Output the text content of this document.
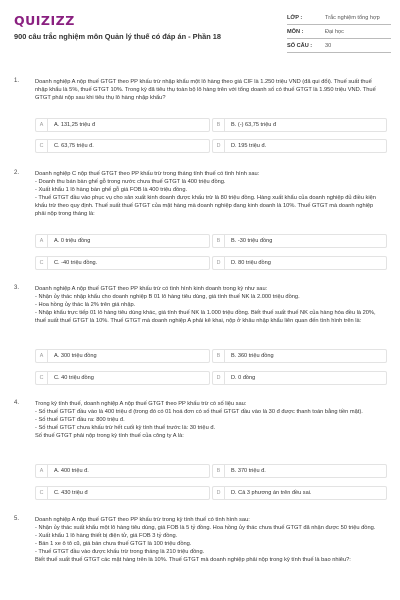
QUIZIZZ
900 câu trắc nghiệm môn Quản lý thuế có đáp án - Phần 18
LỚP :	Trắc nghiệm tổng hợp
MÔN :	Đại học
SỐ CÂU :	30
1.	Doanh nghiệp A nộp thuế GTGT theo PP khấu trừ nhập khẩu một lô hàng theo giá CIF là 1.250 triệu VND (đã qui đổi). Thuế suất thuế nhập khẩu là 5%, thuế GTGT 10%. Trong kỳ đã tiêu thụ toàn bộ lô hàng trên với tổng doanh số có thuế GTGT là 1.950 triệu VND. Thuế GTGT phải nộp sau khi tiêu thụ lô hàng nhập khẩu?
A	A. 131,25 triệu đ	B	B. (-) 63,75 triệu đ
C	C. 63,75 triệu đ.	D	D. 195 triệu đ.
2.	Doanh nghiệp C nộp thuế GTGT theo PP khấu trừ trong tháng tính thuế có tình hình sau:
- Doanh thu bán bàn ghế gỗ trong nước chưa thuế GTGT là 400 triệu đồng.
- Xuất khẩu 1 lô hàng bàn ghế gỗ giá FOB là 400 triệu đồng.
- Thuế GTGT đầu vào phục vụ cho sản xuất kinh doanh được khấu trừ là 80 triệu đồng. Hàng xuất khẩu của doanh nghiệp đủ điều kiện khấu trừ theo quy định. Thuế suất thuế GTGT của mặt hàng mà doanh nghiệp đang kinh doanh là 10%. Thuế GTGT mà doanh nghiệp phải nộp trong tháng là:
A	A. 0 triệu đồng	B	B. -30 triệu đồng
C	C. -40 triệu đồng.	D	D. 80 triệu đồng
3.	Doanh nghiệp A nộp thuế GTGT theo PP khấu trừ có tình hình kinh doanh trong kỳ như sau:
- Nhận ủy thác nhập khẩu cho doanh nghiệp B 01 lô hàng tiêu dùng, giá tính thuế NK là 2.000 triệu đồng.
- Hoa hồng ủy thác là 2% trên giá nhập.
- Nhập khẩu trực tiếp 01 lô hàng tiêu dùng khác, giá tính thuế NK là 1.000 triệu đồng. Biết thuế suất thuế NK của hàng hóa đều là 20%, thuế suất thuế GTGT là 10%. Thuế GTGT mà doanh nghiệp A phải kê khai, nộp ở khâu nhập khẩu liên quan đến tình hình trên là:
A	A. 300 triệu đồng	B	B. 360 triệu đồng
C	C. 40 triệu đồng	D	D. 0 đồng
4.	Trong kỳ tính thuế, doanh nghiệp A nộp thuế GTGT theo PP khấu trừ có số liệu sau:
- Số thuế GTGT đầu vào là 400 triệu đ (trong đó có 01 hoá đơn có số thuế GTGT đầu vào là 30 đ được thanh toán bằng tiền mặt).
- Số thuế GTGT đầu ra: 800 triệu đ.
- Số thuế GTGT chưa khấu trừ hết cuối kỳ tính thuế trước là: 30 triệu đ.
Số thuế GTGT phải nộp trong kỳ tính thuế của công ty A là:
A	A. 400 triệu đ.	B	B. 370 triệu đ.
C	C. 430 triệu đ	D	D. Cả 3 phương án trên đều sai.
5.	Doanh nghiệp A nộp thuế GTGT theo PP khấu trừ trong kỳ tính thuế có tình hình sau:
- Nhận ủy thác xuất khẩu một lô hàng tiêu dùng, giá FOB là 5 tỷ đồng. Hoa hồng ủy thác chưa thuế GTGT đã nhận được 50 triệu đồng.
- Xuất khẩu 1 lô hàng thiết bị điện tử, giá FOB 3 tỷ đồng.
- Bán 1 xe ô tô cũ, giá bán chưa thuế GTGT là 100 triệu đồng.
- Thuế GTGT đầu vào được khấu trừ trong tháng là 210 triệu đồng.
Biết thuế suất thuế GTGT các mặt hàng trên là 10%. Thuế GTGT mà doanh nghiệp phải nộp trong kỳ tính thuế là bao nhiêu?:
